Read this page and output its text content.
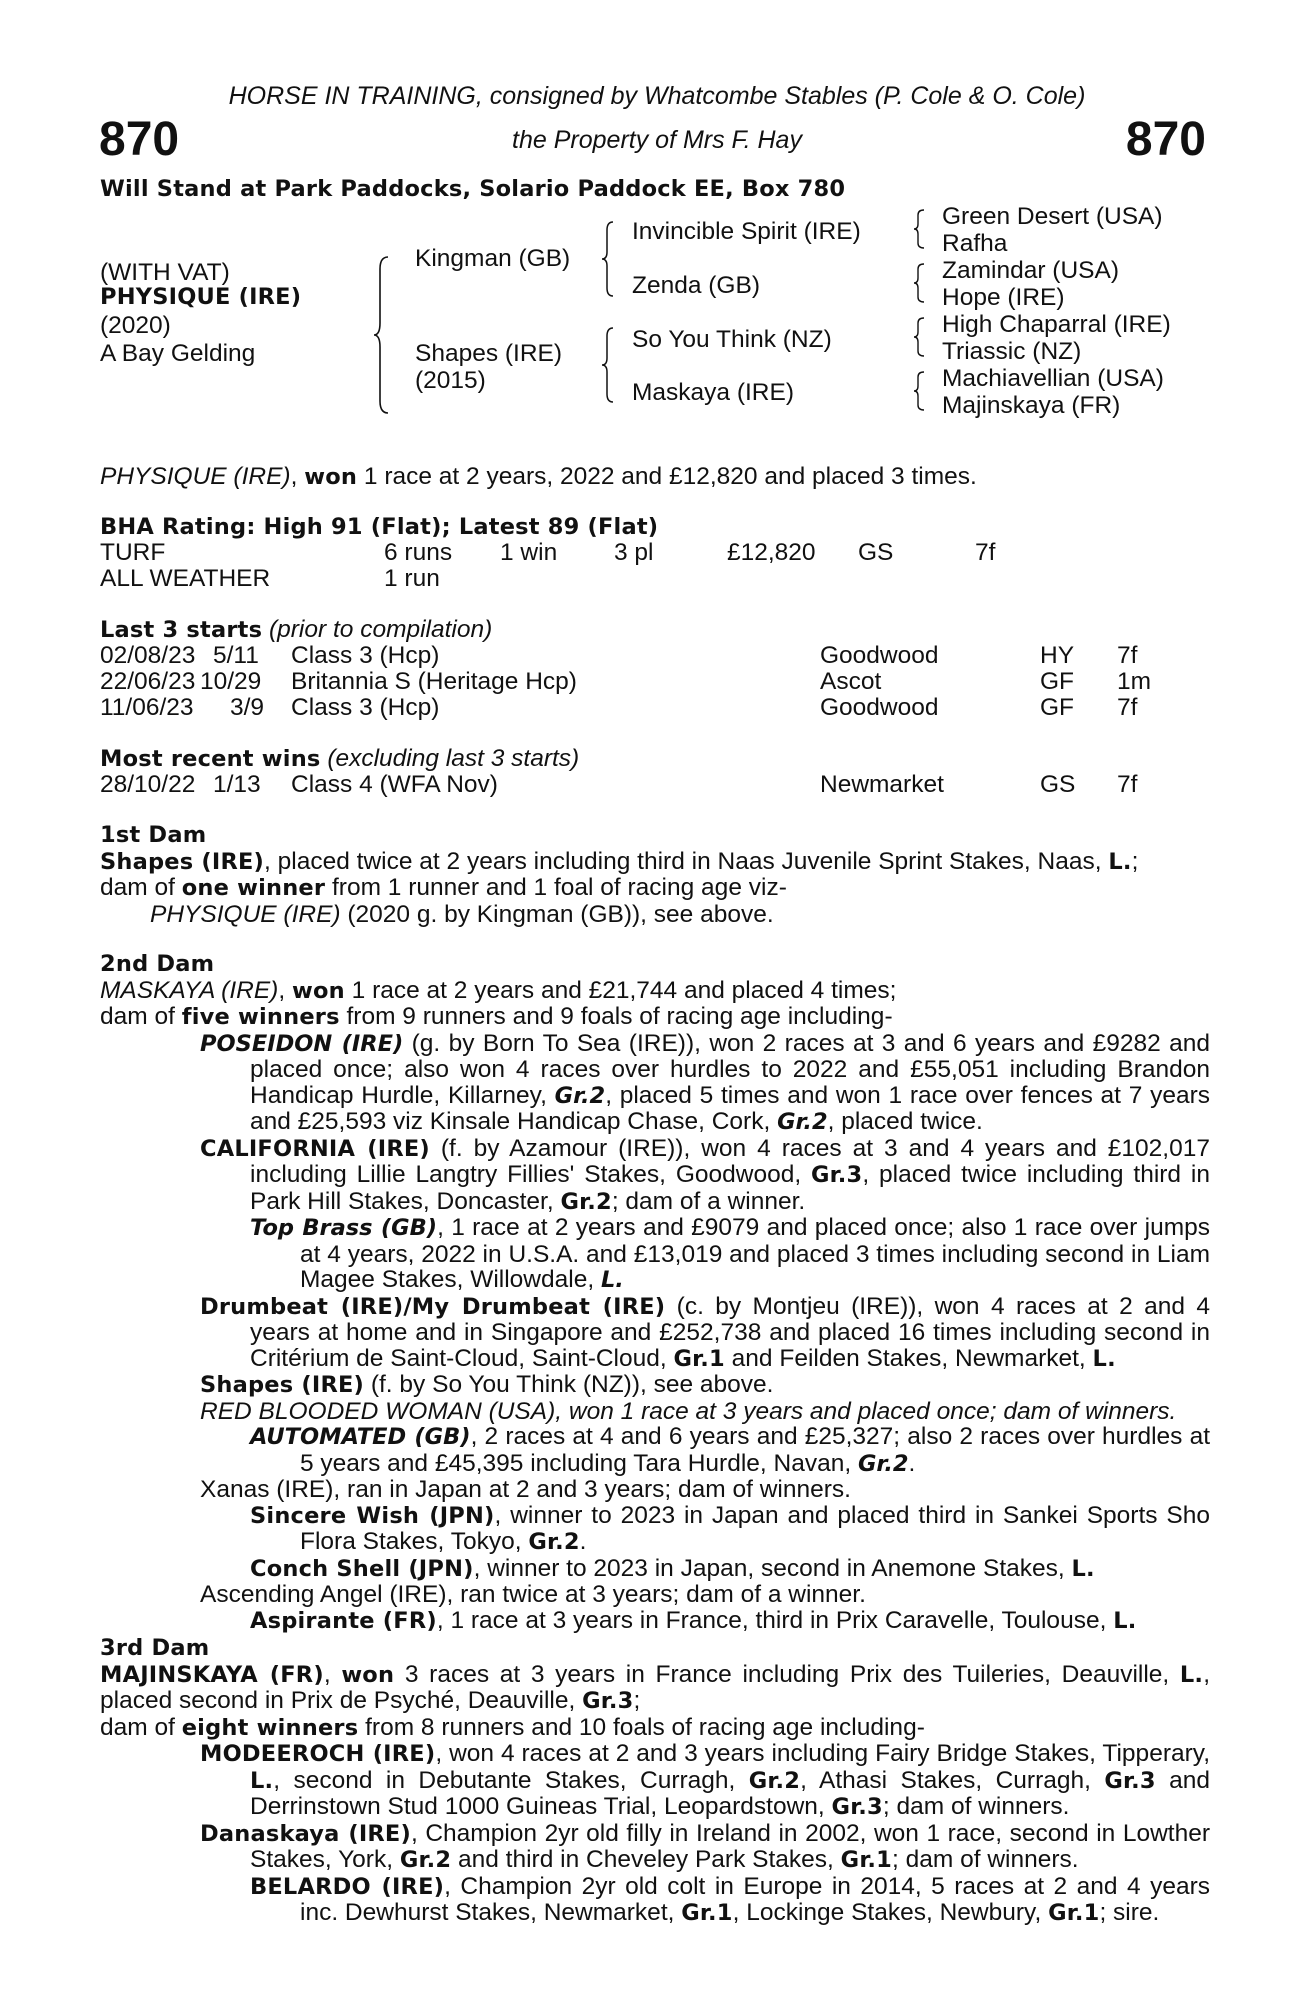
HORSE IN TRAINING, consigned by Whatcombe Stables (P. Cole & O. Cole)
870	the Property of Mrs F. Hay	870
Will Stand at Park Paddocks, Solario Paddock EE, Box 780
(WITH VAT)
PHYSIQUE (IRE)
(2020)
A Bay Gelding
Kingman (GB)
Shapes (IRE)
(2015)
Invincible Spirit (IRE)
Zenda (GB)
So You Think (NZ)
Maskaya (IRE)
Green Desert (USA)
Rafha
Zamindar (USA)
Hope (IRE)
High Chaparral (IRE)
Triassic (NZ)
Machiavellian (USA)
Majinskaya (FR)
PHYSIQUE (IRE), won 1 race at 2 years, 2022 and £12,820 and placed 3 times.
BHA Rating: High 91 (Flat); Latest 89 (Flat)
TURF	6 runs 1 win 3 pl	£12,820 GS	7f
ALL WEATHER	1 run
Last 3 starts (prior to compilation)
02/08/23 5/11 Class 3 (Hcp)	Goodwood	HY 7f
22/06/23 10/29 Britannia S (Heritage Hcp)	Ascot	GF 1m
11/06/23 3/9 Class 3 (Hcp)	Goodwood	GF 7f
Most recent wins (excluding last 3 starts)
28/10/22 1/13 Class 4 (WFA Nov)	Newmarket	GS 7f
1st Dam
Shapes (IRE), placed twice at 2 years including third in Naas Juvenile Sprint Stakes, Naas, L.;
dam of one winner from 1 runner and 1 foal of racing age viz-
PHYSIQUE (IRE) (2020 g. by Kingman (GB)), see above.
2nd Dam
MASKAYA (IRE), won 1 race at 2 years and £21,744 and placed 4 times;
dam of five winners from 9 runners and 9 foals of racing age including-
POSEIDON (IRE) (g. by Born To Sea (IRE)), won 2 races at 3 and 6 years and £9282 and placed once; also won 4 races over hurdles to 2022 and £55,051 including Brandon Handicap Hurdle, Killarney, Gr.2, placed 5 times and won 1 race over fences at 7 years and £25,593 viz Kinsale Handicap Chase, Cork, Gr.2, placed twice.
CALIFORNIA (IRE) (f. by Azamour (IRE)), won 4 races at 3 and 4 years and £102,017 including Lillie Langtry Fillies' Stakes, Goodwood, Gr.3, placed twice including third in Park Hill Stakes, Doncaster, Gr.2; dam of a winner.
Top Brass (GB), 1 race at 2 years and £9079 and placed once; also 1 race over jumps at 4 years, 2022 in U.S.A. and £13,019 and placed 3 times including second in Liam Magee Stakes, Willowdale, L.
Drumbeat (IRE)/My Drumbeat (IRE) (c. by Montjeu (IRE)), won 4 races at 2 and 4 years at home and in Singapore and £252,738 and placed 16 times including second in Critérium de Saint-Cloud, Saint-Cloud, Gr.1 and Feilden Stakes, Newmarket, L.
Shapes (IRE) (f. by So You Think (NZ)), see above.
RED BLOODED WOMAN (USA), won 1 race at 3 years and placed once; dam of winners.
AUTOMATED (GB), 2 races at 4 and 6 years and £25,327; also 2 races over hurdles at 5 years and £45,395 including Tara Hurdle, Navan, Gr.2.
Xanas (IRE), ran in Japan at 2 and 3 years; dam of winners.
Sincere Wish (JPN), winner to 2023 in Japan and placed third in Sankei Sports Sho Flora Stakes, Tokyo, Gr.2.
Conch Shell (JPN), winner to 2023 in Japan, second in Anemone Stakes, L.
Ascending Angel (IRE), ran twice at 3 years; dam of a winner.
Aspirante (FR), 1 race at 3 years in France, third in Prix Caravelle, Toulouse, L.
3rd Dam
MAJINSKAYA (FR), won 3 races at 3 years in France including Prix des Tuileries, Deauville, L., placed second in Prix de Psyché, Deauville, Gr.3;
dam of eight winners from 8 runners and 10 foals of racing age including-
MODEEROCH (IRE), won 4 races at 2 and 3 years including Fairy Bridge Stakes, Tipperary, L., second in Debutante Stakes, Curragh, Gr.2, Athasi Stakes, Curragh, Gr.3 and Derrinstown Stud 1000 Guineas Trial, Leopardstown, Gr.3; dam of winners.
Danaskaya (IRE), Champion 2yr old filly in Ireland in 2002, won 1 race, second in Lowther Stakes, York, Gr.2 and third in Cheveley Park Stakes, Gr.1; dam of winners.
BELARDO (IRE), Champion 2yr old colt in Europe in 2014, 5 races at 2 and 4 years inc. Dewhurst Stakes, Newmarket, Gr.1, Lockinge Stakes, Newbury, Gr.1; sire.
